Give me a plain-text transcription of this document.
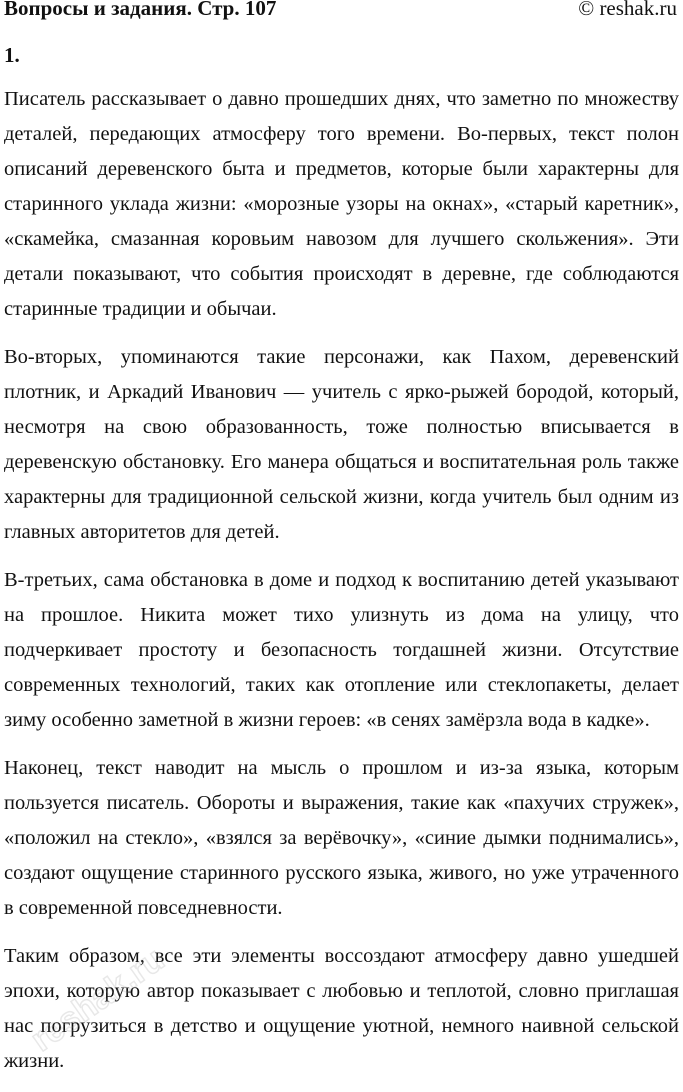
Вопросы и задания. Стр. 107	© reshak.ru
1.

Писатель рассказывает о давно прошедших днях, что заметно по множеству деталей, передающих атмосферу того времени. Во-первых, текст полон описаний деревенского быта и предметов, которые были характерны для старинного уклада жизни: «морозные узоры на окнах», «старый каретник», «скамейка, смазанная коровьим навозом для лучшего скольжения». Эти детали показывают, что события происходят в деревне, где соблюдаются старинные традиции и обычаи.

Во-вторых, упоминаются такие персонажи, как Пахом, деревенский плотник, и Аркадий Иванович — учитель с ярко-рыжей бородой, который, несмотря на свою образованность, тоже полностью вписывается в деревенскую обстановку. Его манера общаться и воспитательная роль также характерны для традиционной сельской жизни, когда учитель был одним из главных авторитетов для детей.

В-третьих, сама обстановка в доме и подход к воспитанию детей указывают на прошлое. Никита может тихо улизнуть из дома на улицу, что подчеркивает простоту и безопасность тогдашней жизни. Отсутствие современных технологий, таких как отопление или стеклопакеты, делает зиму особенно заметной в жизни героев: «в сенях замёрзла вода в кадке».

Наконец, текст наводит на мысль о прошлом и из-за языка, которым пользуется писатель. Обороты и выражения, такие как «пахучих стружек», «положил на стекло», «взялся за верёвочку», «синие дымки поднимались», создают ощущение старинного русского языка, живого, но уже утраченного в современной повседневности.

Таким образом, все эти элементы воссоздают атмосферу давно ушедшей эпохи, которую автор показывает с любовью и теплотой, словно приглашая нас погрузиться в детство и ощущение уютной, немного наивной сельской жизни.

reshak.ru
